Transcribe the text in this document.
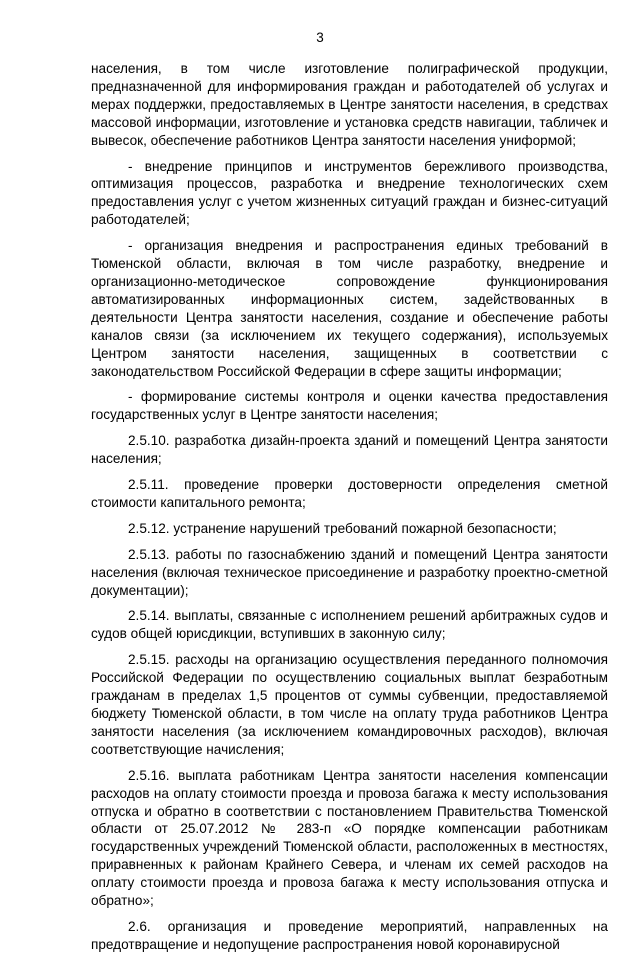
3

населения, в том числе изготовление полиграфической продукции, предназначенной для информирования граждан и работодателей об услугах и мерах поддержки, предоставляемых в Центре занятости населения, в средствах массовой информации, изготовление и установка средств навигации, табличек и вывесок, обеспечение работников Центра занятости населения униформой;

- внедрение принципов и инструментов бережливого производства, оптимизация процессов, разработка и внедрение технологических схем предоставления услуг с учетом жизненных ситуаций граждан и бизнес-ситуаций работодателей;

- организация внедрения и распространения единых требований в Тюменской области, включая в том числе разработку, внедрение и организационно-методическое сопровождение функционирования автоматизированных информационных систем, задействованных в деятельности Центра занятости населения, создание и обеспечение работы каналов связи (за исключением их текущего содержания), используемых Центром занятости населения, защищенных в соответствии с законодательством Российской Федерации в сфере защиты информации;

- формирование системы контроля и оценки качества предоставления государственных услуг в Центре занятости населения;

2.5.10. разработка дизайн-проекта зданий и помещений Центра занятости населения;

2.5.11. проведение проверки достоверности определения сметной стоимости капитального ремонта;

2.5.12. устранение нарушений требований пожарной безопасности;

2.5.13. работы по газоснабжению зданий и помещений Центра занятости населения (включая техническое присоединение и разработку проектно-сметной документации);

2.5.14. выплаты, связанные с исполнением решений арбитражных судов и судов общей юрисдикции, вступивших в законную силу;

2.5.15. расходы на организацию осуществления переданного полномочия Российской Федерации по осуществлению социальных выплат безработным гражданам в пределах 1,5 процентов от суммы субвенции, предоставляемой бюджету Тюменской области, в том числе на оплату труда работников Центра занятости населения (за исключением командировочных расходов), включая соответствующие начисления;

2.5.16. выплата работникам Центра занятости населения компенсации расходов на оплату стоимости проезда и провоза багажа к месту использования отпуска и обратно в соответствии с постановлением Правительства Тюменской области от 25.07.2012 № 283-п «О порядке компенсации работникам государственных учреждений Тюменской области, расположенных в местностях, приравненных к районам Крайнего Севера, и членам их семей расходов на оплату стоимости проезда и провоза багажа к месту использования отпуска и обратно»;

2.6. организация и проведение мероприятий, направленных на предотвращение и недопущение распространения новой коронавирусной
